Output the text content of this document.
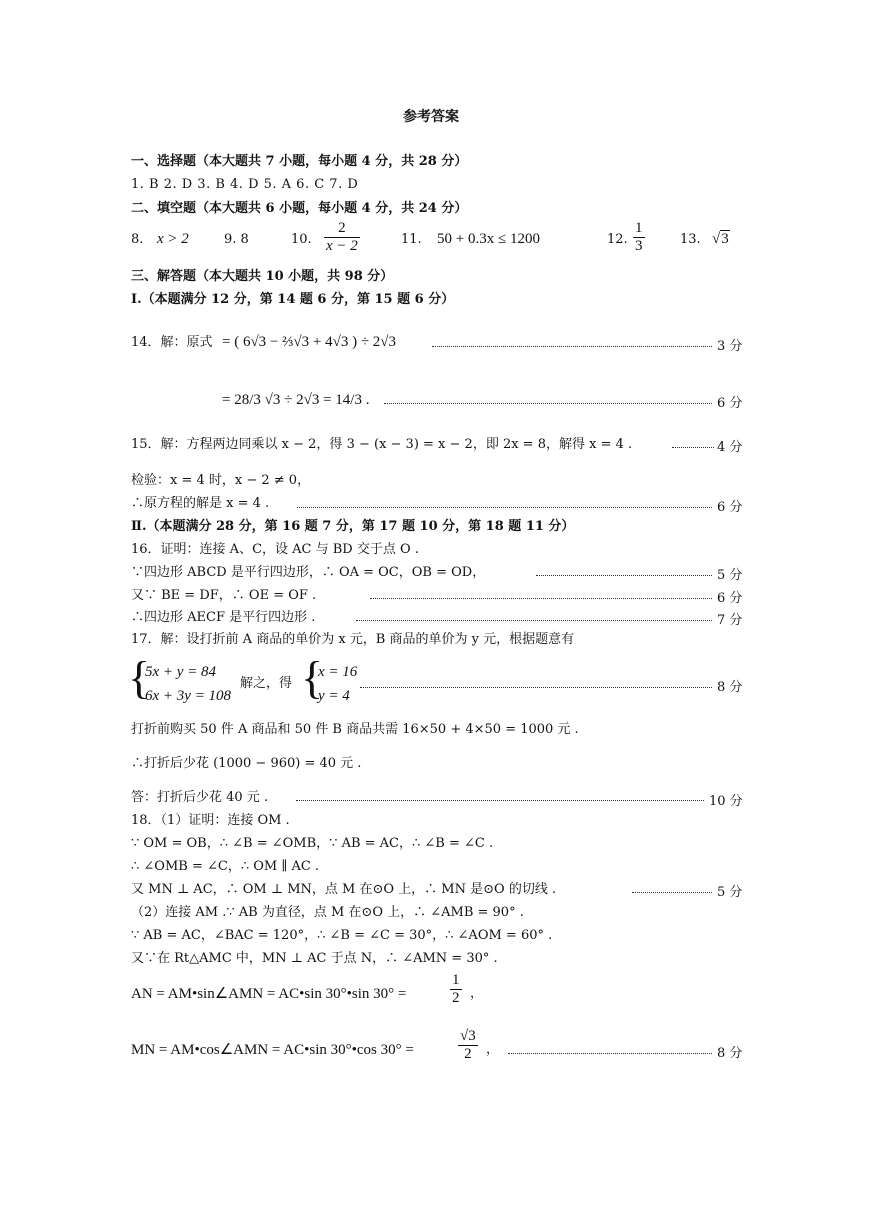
参考答案
一、选择题（本大题共 7 小题，每小题 4 分，共 28 分）
1. B 2. D 3. B 4. D 5. A 6. C 7. D
二、填空题（本大题共 6 小题，每小题 4 分，共 24 分）
8. x > 2	9. 8	10. $\frac{2}{x - 2}$	11. 50 + 0.3x ≤ 1200	12. $\frac{1}{3}$	13. √3
三、解答题（本大题共 10 小题，共 98 分）
Ⅰ.（本题满分 12 分，第 14 题 6 分，第 15 题 6 分）
14．解：原式 = ( 6√3 − ⅔√3 + 4√3 ) ÷ 2√3	3 分
= 28/3 √3 ÷ 2√3 = 14/3 .	6 分
15．解：方程两边同乘以 x − 2，得 3 − (x − 3) = x − 2，即 2x = 8，解得 x = 4 .	4 分
检验：x = 4 时，x − 2 ≠ 0，
∴原方程的解是 x = 4 .	6 分
Ⅱ.（本题满分 28 分，第 16 题 7 分，第 17 题 10 分，第 18 题 11 分）
16．证明：连接 A、C，设 AC 与 BD 交于点 O .
∵四边形 ABCD 是平行四边形，∴ OA = OC，OB = OD，	5 分
又∵ BE = DF，∴ OE = OF .	6 分
∴四边形 AECF 是平行四边形 .	7 分
17．解：设打折前 A 商品的单价为 x 元，B 商品的单价为 y 元，根据题意有
{
5x + y = 84
6x + 3y = 108
解之，得 {
x = 16
y = 4
8 分
打折前购买 50 件 A 商品和 50 件 B 商品共需 16×50 + 4×50 = 1000 元 .
∴打折后少花 (1000 − 960) = 40 元 .
答：打折后少花 40 元 .	10 分
18．（1）证明：连接 OM .
∵ OM = OB，∴ ∠B = ∠OMB，∵ AB = AC，∴ ∠B = ∠C .
∴ ∠OMB = ∠C，∴ OM ∥ AC .
又 MN ⊥ AC，∴ OM ⊥ MN，点 M 在⊙O 上，∴ MN 是⊙O 的切线 .	5 分
（2）连接 AM .∵ AB 为直径，点 M 在⊙O 上，∴ ∠AMB = 90° .
∵ AB = AC，∠BAC = 120°，∴ ∠B = ∠C = 30°，∴ ∠AOM = 60° .
又∵在 Rt△AMC 中，MN ⊥ AC 于点 N，∴ ∠AMN = 30° .
AN = AM•sin∠AMN = AC•sin 30°•sin 30° =	$\frac{1}{2}$ ，
MN = AM•cos∠AMN = AC•sin 30°•cos 30° =	$\frac{√3}{2}$ ，	8 分
